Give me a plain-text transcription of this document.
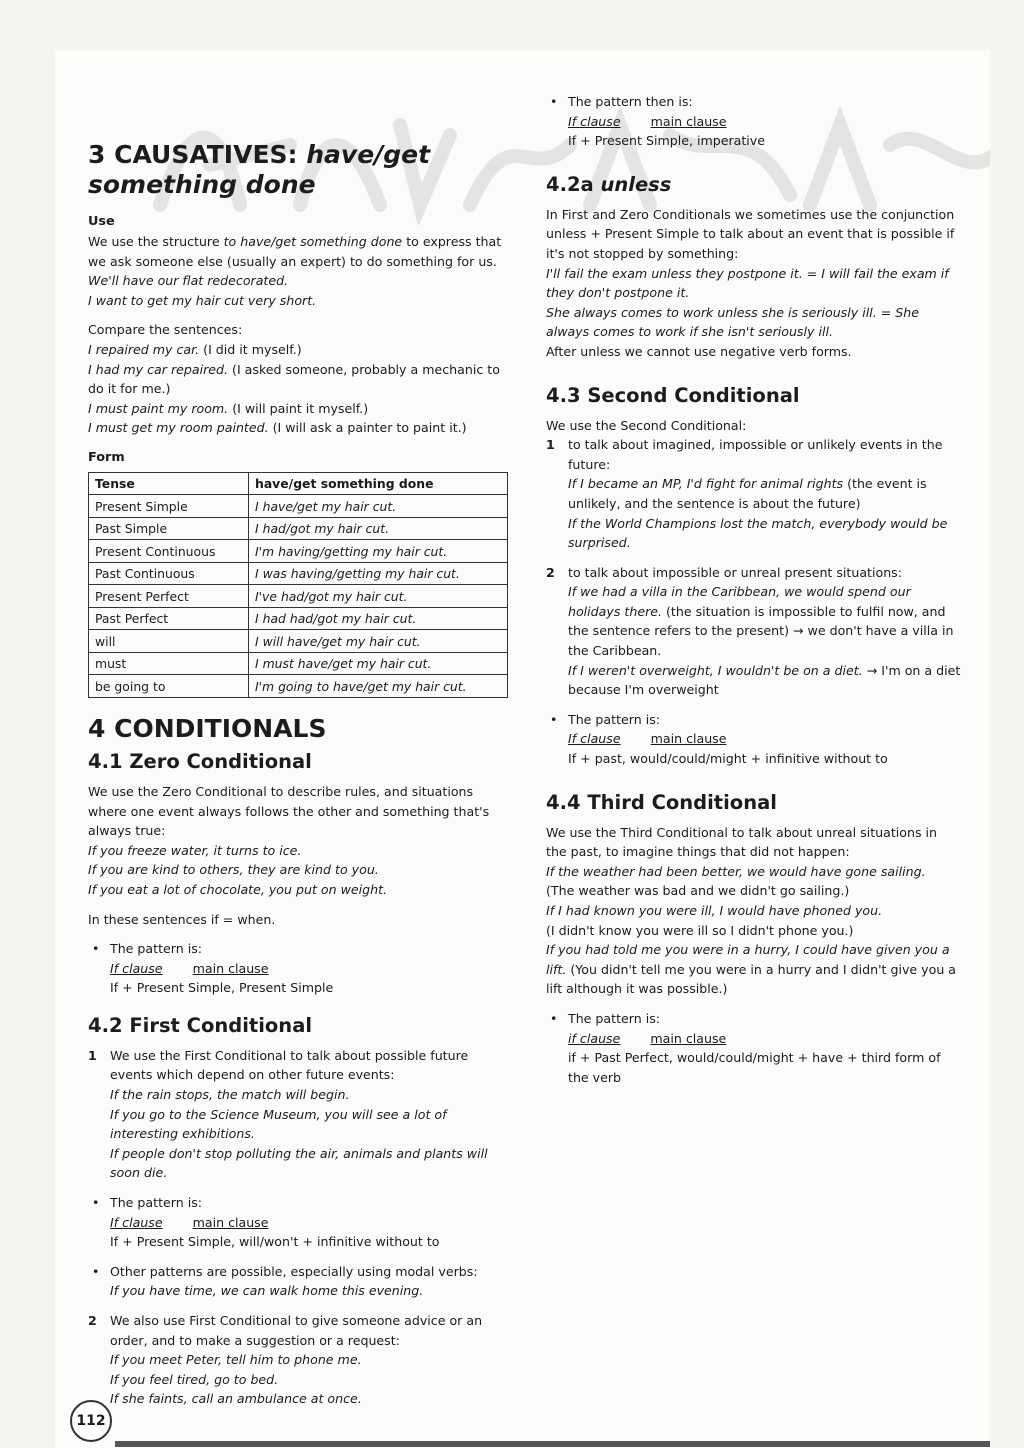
3 CAUSATIVES: have/get something done

Use

We use the structure to have/get something done to express that we ask someone else (usually an expert) to do something for us.

We'll have our flat redecorated.

I want to get my hair cut very short.

Compare the sentences:

I repaired my car. (I did it myself.)

I had my car repaired. (I asked someone, probably a mechanic to do it for me.)

I must paint my room. (I will paint it myself.)

I must get my room painted. (I will ask a painter to paint it.)

Form

Tense	have/get something done
Present Simple	I have/get my hair cut.
Past Simple	I had/got my hair cut.
Present Continuous	I'm having/getting my hair cut.
Past Continuous	I was having/getting my hair cut.
Present Perfect	I've had/got my hair cut.
Past Perfect	I had had/got my hair cut.
will	I will have/get my hair cut.
must	I must have/get my hair cut.
be going to	I'm going to have/get my hair cut.
4 CONDITIONALS
4.1 Zero Conditional

We use the Zero Conditional to describe rules, and situations where one event always follows the other and something that's always true:

If you freeze water, it turns to ice.

If you are kind to others, they are kind to you.

If you eat a lot of chocolate, you put on weight.

In these sentences if = when.

• The pattern is:

If clause main clause

If + Present Simple, Present Simple

4.2 First Conditional
1 We use the First Conditional to talk about possible future events which depend on other future events:

If the rain stops, the match will begin.

If you go to the Science Museum, you will see a lot of interesting exhibitions.

If people don't stop polluting the air, animals and plants will soon die.

• The pattern is:

If clause main clause

If + Present Simple, will/won't + infinitive without to

• Other patterns are possible, especially using modal verbs:

If you have time, we can walk home this evening.

2 We also use First Conditional to give someone advice or an order, and to make a suggestion or a request:

If you meet Peter, tell him to phone me.

If you feel tired, go to bed.

If she faints, call an ambulance at once.

• The pattern then is:

If clause main clause

If + Present Simple, imperative

4.2a unless

In First and Zero Conditionals we sometimes use the conjunction unless + Present Simple to talk about an event that is possible if it's not stopped by something:

I'll fail the exam unless they postpone it. = I will fail the exam if they don't postpone it.

She always comes to work unless she is seriously ill. = She always comes to work if she isn't seriously ill.

After unless we cannot use negative verb forms.

4.3 Second Conditional

We use the Second Conditional:

1 to talk about imagined, impossible or unlikely events in the future:

If I became an MP, I'd fight for animal rights (the event is unlikely, and the sentence is about the future)

If the World Champions lost the match, everybody would be surprised.

2 to talk about impossible or unreal present situations:

If we had a villa in the Caribbean, we would spend our holidays there. (the situation is impossible to fulfil now, and the sentence refers to the present) → we don't have a villa in the Caribbean.

If I weren't overweight, I wouldn't be on a diet. → I'm on a diet because I'm overweight

• The pattern is:

If clause main clause

If + past, would/could/might + infinitive without to

4.4 Third Conditional

We use the Third Conditional to talk about unreal situations in the past, to imagine things that did not happen:

If the weather had been better, we would have gone sailing.

(The weather was bad and we didn't go sailing.)

If I had known you were ill, I would have phoned you.

(I didn't know you were ill so I didn't phone you.)

If you had told me you were in a hurry, I could have given you a lift. (You didn't tell me you were in a hurry and I didn't give you a lift although it was possible.)

• The pattern is:

if clause main clause

if + Past Perfect, would/could/might + have + third form of the verb

112
